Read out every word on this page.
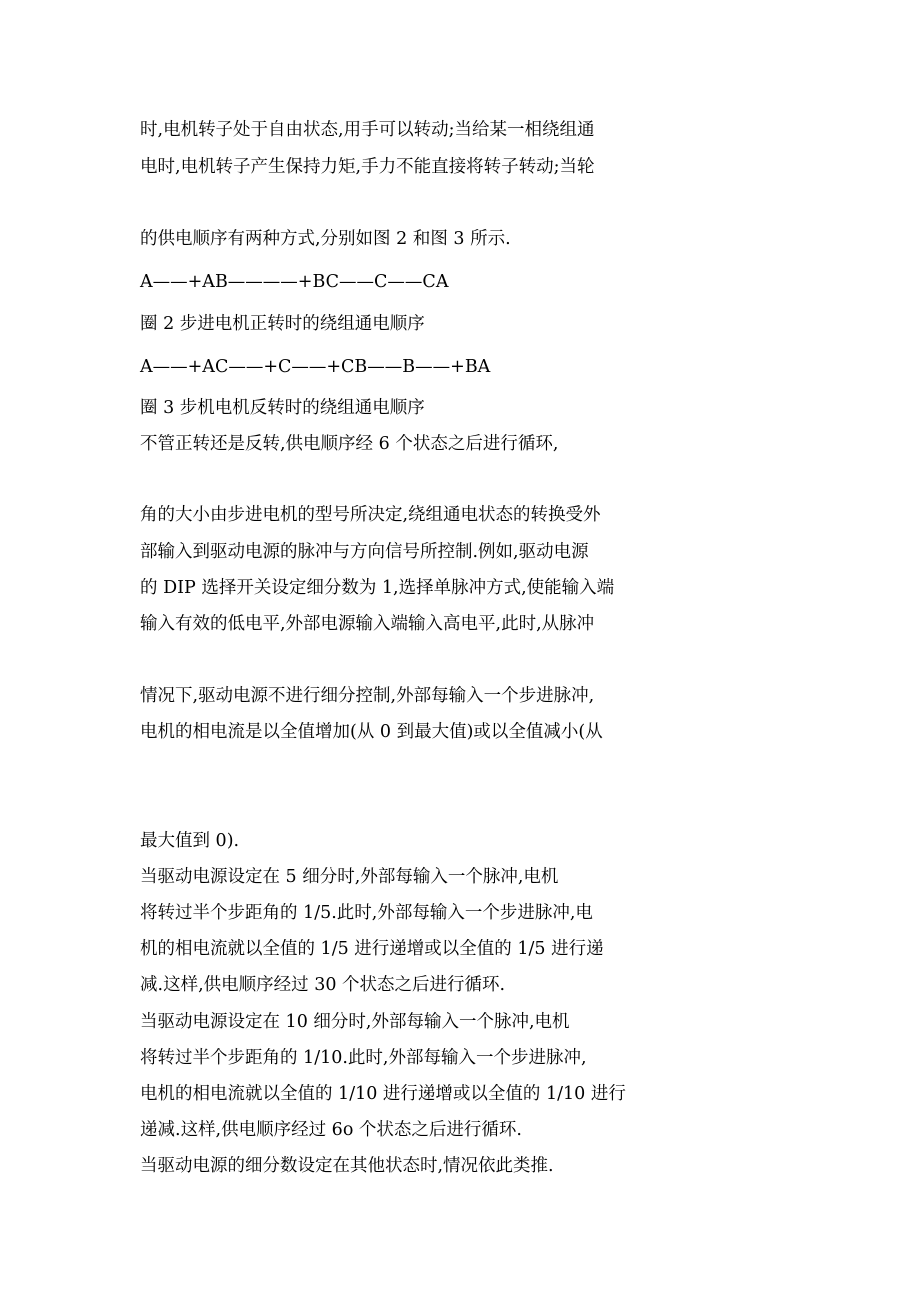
时,电机转子处于自由状态,用手可以转动;当给某一相绕组通
电时,电机转子产生保持力矩,手力不能直接将转子转动;当轮
的供电顺序有两种方式,分别如图 2 和图 3 所示.
A——+AB————+BC——C——CA
圈 2 步进电机正转时的绕组通电顺序
A——+AC——+C——+CB——B——+BA
圈 3 步机电机反转时的绕组通电顺序
不管正转还是反转,供电顺序经 6 个状态之后进行循环,
角的大小由步进电机的型号所决定,绕组通电状态的转换受外
部输入到驱动电源的脉冲与方向信号所控制.例如,驱动电源
的 DIP 选择开关设定细分数为 1,选择单脉冲方式,使能输入端
输入有效的低电平,外部电源输入端输入高电平,此时,从脉冲
情况下,驱动电源不进行细分控制,外部每输入一个步进脉冲,
电机的相电流是以全值增加(从 0 到最大值)或以全值减小(从
最大值到 0).
当驱动电源设定在 5 细分时,外部每输入一个脉冲,电机
将转过半个步距角的 1/5.此时,外部每输入一个步进脉冲,电
机的相电流就以全值的 1/5 进行递增或以全值的 1/5 进行递
减.这样,供电顺序经过 30 个状态之后进行循环.
当驱动电源设定在 10 细分时,外部每输入一个脉冲,电机
将转过半个步距角的 1/10.此时,外部每输入一个步进脉冲,
电机的相电流就以全值的 1/10 进行递增或以全值的 1/10 进行
递减.这样,供电顺序经过 6o 个状态之后进行循环.
当驱动电源的细分数设定在其他状态时,情况依此类推.
